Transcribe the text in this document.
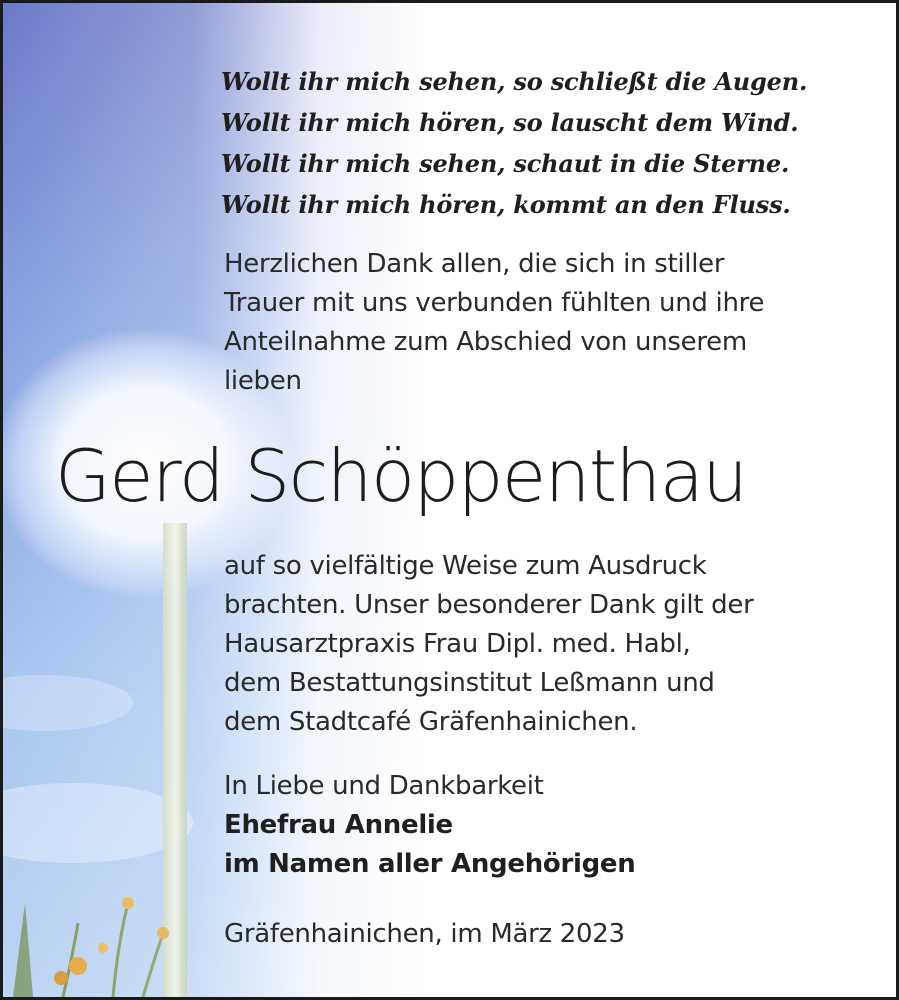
Wollt ihr mich sehen, so schließt die Augen.
Wollt ihr mich hören, so lauscht dem Wind.
Wollt ihr mich sehen, schaut in die Sterne.
Wollt ihr mich hören, kommt an den Fluss.
Herzlichen Dank allen, die sich in stiller
Trauer mit uns verbunden fühlten und ihre
Anteilnahme zum Abschied von unserem
lieben
Gerd Schöppenthau
auf so vielfältige Weise zum Ausdruck
brachten. Unser besonderer Dank gilt der
Hausarztpraxis Frau Dipl. med. Habl,
dem Bestattungsinstitut Leßmann und
dem Stadtcafé Gräfenhainichen.
In Liebe und Dankbarkeit
Ehefrau Annelie
im Namen aller Angehörigen
Gräfenhainichen, im März 2023
